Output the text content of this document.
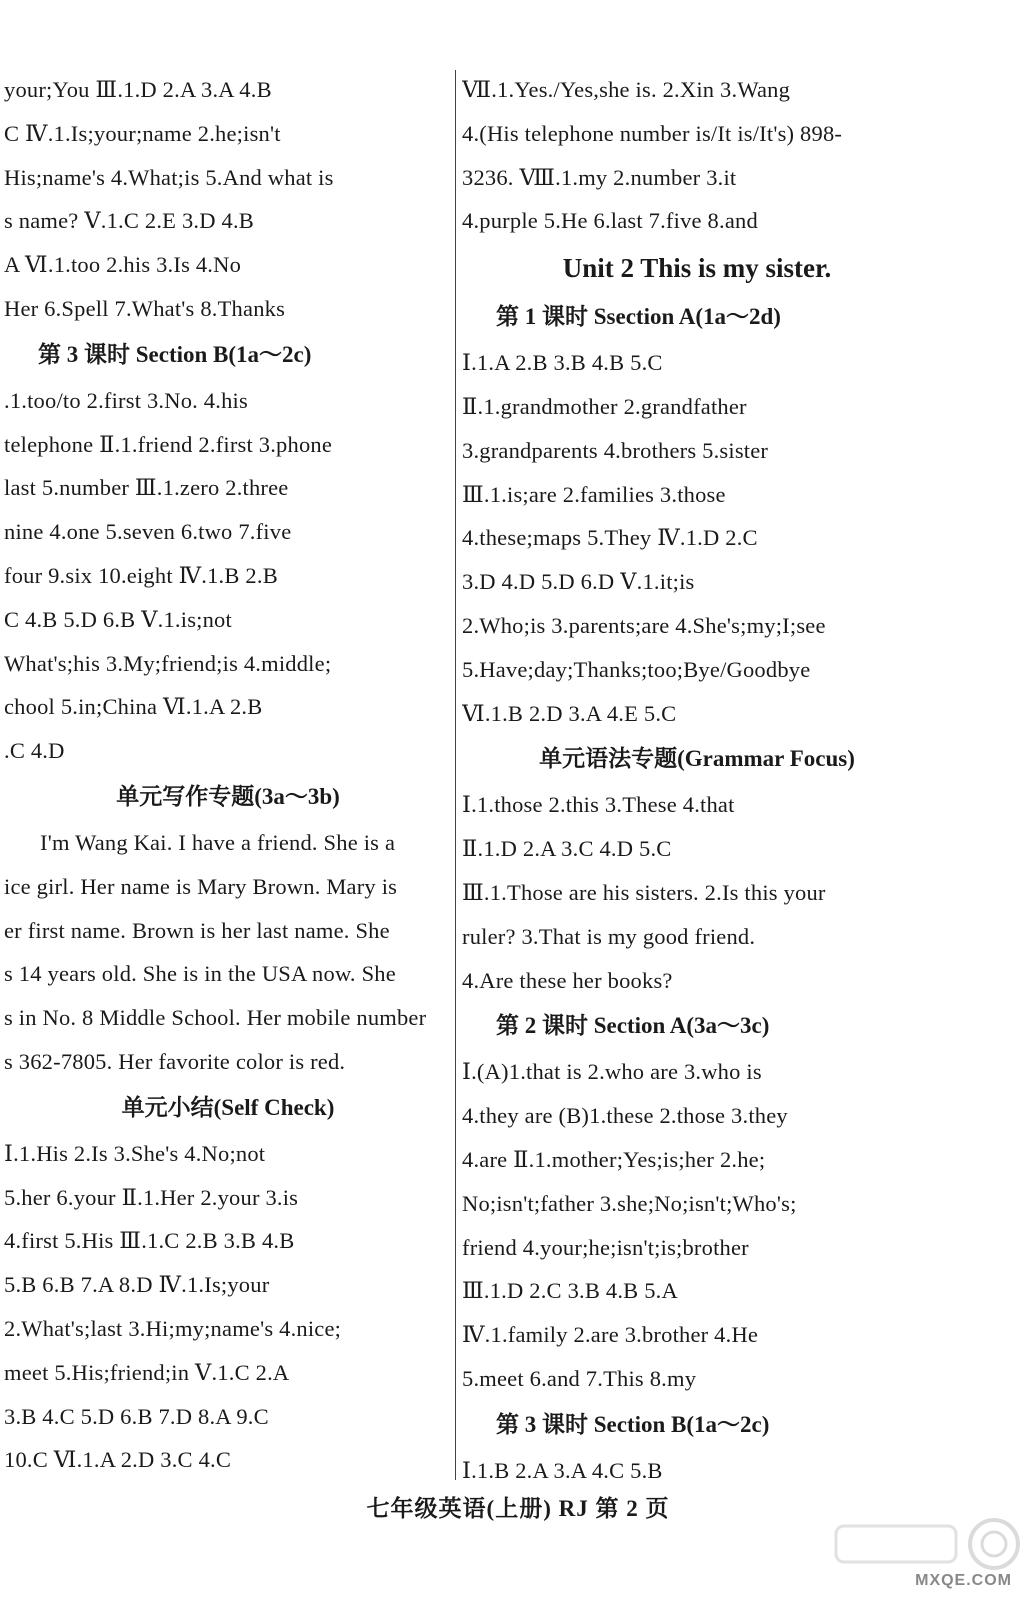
your;You Ⅲ.1.D 2.A 3.A 4.B
C Ⅳ.1.Is;your;name 2.he;isn't
His;name's 4.What;is 5.And what is
s name? Ⅴ.1.C 2.E 3.D 4.B
A Ⅵ.1.too 2.his 3.Is 4.No
Her 6.Spell 7.What's 8.Thanks
第 3 课时 Section B(1a～2c)
.1.too/to 2.first 3.No. 4.his
telephone Ⅱ.1.friend 2.first 3.phone
last 5.number Ⅲ.1.zero 2.three
nine 4.one 5.seven 6.two 7.five
four 9.six 10.eight Ⅳ.1.B 2.B
C 4.B 5.D 6.B Ⅴ.1.is;not
What's;his 3.My;friend;is 4.middle;
chool 5.in;China Ⅵ.1.A 2.B
.C 4.D
单元写作专题(3a～3b)
I'm Wang Kai. I have a friend. She is a
ice girl. Her name is Mary Brown. Mary is
er first name. Brown is her last name. She
s 14 years old. She is in the USA now. She
s in No. 8 Middle School. Her mobile number
s 362-7805. Her favorite color is red.
单元小结(Self Check)
Ⅰ.1.His 2.Is 3.She's 4.No;not
5.her 6.your Ⅱ.1.Her 2.your 3.is
4.first 5.His Ⅲ.1.C 2.B 3.B 4.B
5.B 6.B 7.A 8.D Ⅳ.1.Is;your
2.What's;last 3.Hi;my;name's 4.nice;
meet 5.His;friend;in Ⅴ.1.C 2.A
3.B 4.C 5.D 6.B 7.D 8.A 9.C
10.C Ⅵ.1.A 2.D 3.C 4.C
Ⅶ.1.Yes./Yes,she is. 2.Xin 3.Wang
4.(His telephone number is/It is/It's) 898-
3236. Ⅷ.1.my 2.number 3.it
4.purple 5.He 6.last 7.five 8.and
Unit 2 This is my sister.
第 1 课时 Ssection A(1a～2d)
Ⅰ.1.A 2.B 3.B 4.B 5.C
Ⅱ.1.grandmother 2.grandfather
3.grandparents 4.brothers 5.sister
Ⅲ.1.is;are 2.families 3.those
4.these;maps 5.They Ⅳ.1.D 2.C
3.D 4.D 5.D 6.D Ⅴ.1.it;is
2.Who;is 3.parents;are 4.She's;my;I;see
5.Have;day;Thanks;too;Bye/Goodbye
Ⅵ.1.B 2.D 3.A 4.E 5.C
单元语法专题(Grammar Focus)
Ⅰ.1.those 2.this 3.These 4.that
Ⅱ.1.D 2.A 3.C 4.D 5.C
Ⅲ.1.Those are his sisters. 2.Is this your
ruler? 3.That is my good friend.
4.Are these her books?
第 2 课时 Section A(3a～3c)
Ⅰ.(A)1.that is 2.who are 3.who is
4.they are (B)1.these 2.those 3.they
4.are Ⅱ.1.mother;Yes;is;her 2.he;
No;isn't;father 3.she;No;isn't;Who's;
friend 4.your;he;isn't;is;brother
Ⅲ.1.D 2.C 3.B 4.B 5.A
Ⅳ.1.family 2.are 3.brother 4.He
5.meet 6.and 7.This 8.my
第 3 课时 Section B(1a～2c)
Ⅰ.1.B 2.A 3.A 4.C 5.B
七年级英语(上册) RJ 第 2 页
MXQE.COM
